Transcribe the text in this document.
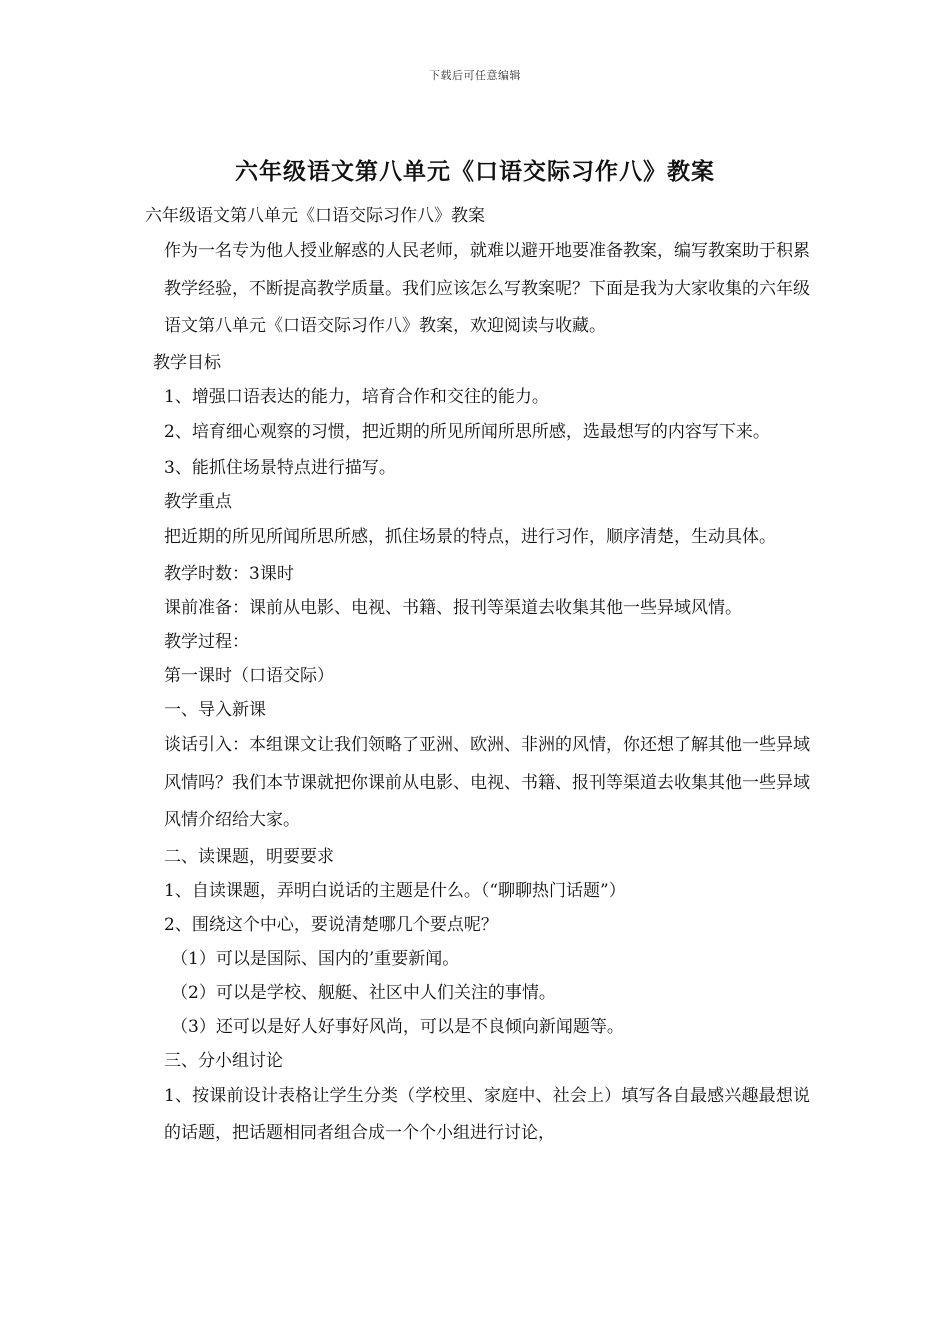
下载后可任意编辑
六年级语文第八单元《口语交际习作八》教案
六年级语文第八单元《口语交际习作八》教案
作为一名专为他人授业解惑的人民老师，就难以避开地要准备教案，编写教案助于积累教学经验，不断提高教学质量。我们应该怎么写教案呢？下面是我为大家收集的六年级语文第八单元《口语交际习作八》教案，欢迎阅读与收藏。
教学目标
1、增强口语表达的能力，培育合作和交往的能力。
2、培育细心观察的习惯，把近期的所见所闻所思所感，选最想写的内容写下来。
3、能抓住场景特点进行描写。
教学重点
把近期的所见所闻所思所感，抓住场景的特点，进行习作，顺序清楚，生动具体。
教学时数：3课时
课前准备：课前从电影、电视、书籍、报刊等渠道去收集其他一些异域风情。
教学过程：
第一课时（口语交际）
一、导入新课
谈话引入：本组课文让我们领略了亚洲、欧洲、非洲的风情，你还想了解其他一些异域风情吗？我们本节课就把你课前从电影、电视、书籍、报刊等渠道去收集其他一些异域风情介绍给大家。
二、读课题，明要要求
1、自读课题，弄明白说话的主题是什么。（“聊聊热门话题”）
2、围绕这个中心，要说清楚哪几个要点呢？
（1）可以是国际、国内的’重要新闻。
（2）可以是学校、舰艇、社区中人们关注的事情。
（3）还可以是好人好事好风尚，可以是不良倾向新闻题等。
三、分小组讨论
1、按课前设计表格让学生分类（学校里、家庭中、社会上）填写各自最感兴趣最想说的话题，把话题相同者组合成一个个小组进行讨论，
